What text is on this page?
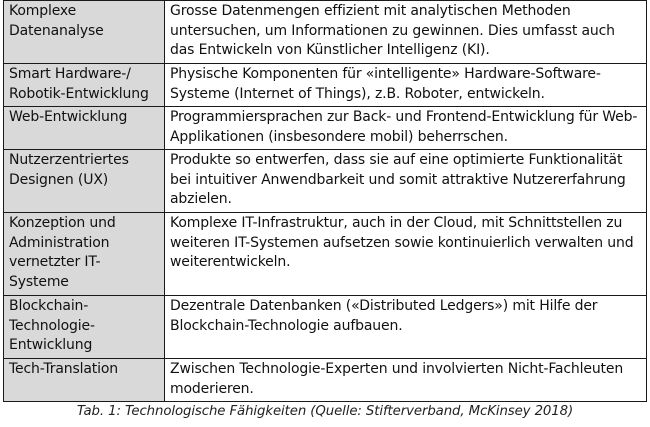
Komplexe Datenanalyse	Grosse Datenmengen effizient mit analytischen Methoden untersuchen, um Informationen zu gewinnen. Dies umfasst auch das Entwickeln von Künstlicher Intelligenz (KI).
Smart Hardware-/ Robotik-Entwicklung	Physische Komponenten für «intelligente» Hardware-Software-Systeme (Internet of Things), z.B. Roboter, entwickeln.
Web-Entwicklung	Programmiersprachen zur Back- und Frontend-Entwicklung für Web-Applikationen (insbesondere mobil) beherrschen.
Nutzerzentriertes Designen (UX)	Produkte so entwerfen, dass sie auf eine optimierte Funktionalität bei intuitiver Anwendbarkeit und somit attraktive Nutzererfahrung abzielen.
Konzeption und Administration vernetzter IT-Systeme	Komplexe IT-Infrastruktur, auch in der Cloud, mit Schnittstellen zu weiteren IT-Systemen aufsetzen sowie kontinuierlich verwalten und weiterentwickeln.
Blockchain-Technologie-Entwicklung	Dezentrale Datenbanken («Distributed Ledgers») mit Hilfe der Blockchain-Technologie aufbauen.
Tech-Translation	Zwischen Technologie-Experten und involvierten Nicht-Fachleuten moderieren.
Tab. 1: Technologische Fähigkeiten (Quelle: Stifterverband, McKinsey 2018)
